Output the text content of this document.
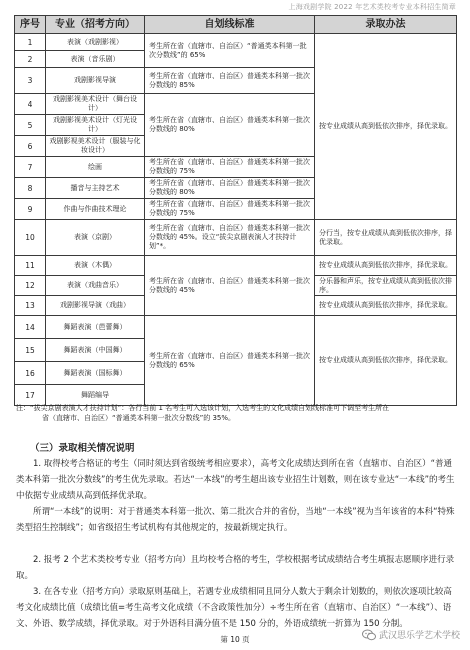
上海戏剧学院 2022 年艺术类校考专业本科招生简章
序号	专业（招考方向）	自划线标准	录取办法
1	表演（戏剧影视）	考生所在省（直辖市、自治区）“普通类本科第一批次分数线”的 65%	按专业成绩从高到低依次排序，择优录取。
2	表演（音乐剧）		
3	戏剧影视导演	考生所在省（直辖市、自治区）普通类本科第一批次分数线的 85%	
4	戏剧影视美术设计（舞台设计）	考生所在省（直辖市、自治区）普通类本科第一批次分数线的 80%	
5	戏剧影视美术设计（灯光设计）		
6	戏剧影视美术设计（服装与化妆设计）		
7	绘画	考生所在省（直辖市、自治区）普通类本科第一批次分数线的 75%	
8	播音与主持艺术	考生所在省（直辖市、自治区）普通类本科第一批次分数线的 80%	
9	作曲与作曲技术理论	考生所在省（直辖市、自治区）普通类本科第一批次分数线的 75%	
10	表演（京剧）	考生所在省（直辖市、自治区）普通类本科第一批次分数线的 45%。设立“拔尖京剧表演人才扶持计划”*。	分行当，按专业成绩从高到低依次排序，择优录取。
11	表演（木偶）	考生所在省（直辖市、自治区）普通类本科第一批次分数线的 45%	按专业成绩从高到低依次排序，择优录取。
12	表演（戏曲音乐）		分乐器和声乐，按专业成绩从高到低依次排序。
13	戏剧影视导演（戏曲）		按专业成绩从高到低依次排序，择优录取。
14	舞蹈表演（芭蕾舞）	考生所在省（直辖市、自治区）普通类本科第一批次分数线的 65%	按专业成绩从高到低依次排序，择优录取。
15	舞蹈表演（中国舞）		
16	舞蹈表演（国标舞）		
17	舞蹈编导		
注：“拔尖京剧表演人才扶持计划”：各行当前 1 名考生可入选该计划，入选考生的文化成绩自划线标准可下调至考生所在
省（直辖市、自治区）“普通类本科第一批次分数线”的 35%。
（三）录取相关情况说明

1. 取得校考合格证的考生（同时须达到省级统考相应要求），高考文化成绩达到所在省（直辖市、自治区）“普通类本科第一批次分数线”的考生优先录取。若达“一本线”的考生超出该专业招生计划数，则在该专业达“一本线”的考生中依据专业成绩从高到低择优录取。

所谓“一本线”的说明：对于普通类本科第一批次、第二批次合并的省份，当地“一本线”视为当年该省的本科“特殊类型招生控制线”；如省级招生考试机构有其他规定的，按最新规定执行。

2. 报考 2 个艺术类校考专业（招考方向）且均校考合格的考生，学校根据考试成绩结合考生填报志愿顺序进行录取。

3. 在各专业（招考方向）录取原则基础上，若遇专业成绩相同且同分人数大于剩余计划数的，则依次逐项比较高考文化成绩比值（成绩比值=考生高考文化成绩（不含政策性加分）÷考生所在省（直辖市、自治区）“一本线”）、语文、外语、数学成绩，择优录取。对于外语科目满分值不是 150 分的，外语成绩统一折算为 150 分制。

第 10 页	武汉思乐学艺术学校
